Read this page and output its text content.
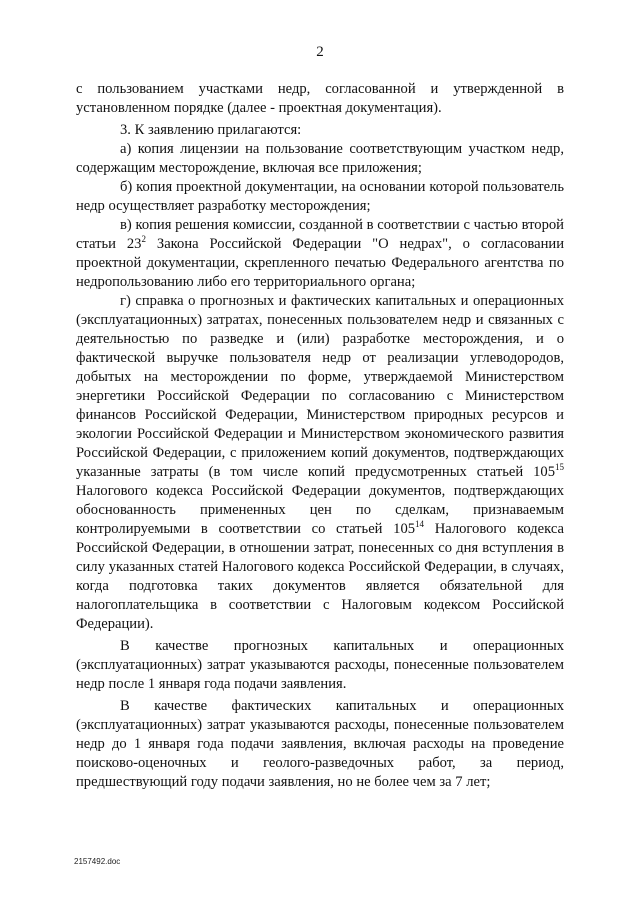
2

с пользованием участками недр, согласованной и утвержденной в установленном порядке (далее - проектная документация).

3. К заявлению прилагаются:

а) копия лицензии на пользование соответствующим участком недр, содержащим месторождение, включая все приложения;

б) копия проектной документации, на основании которой пользователь недр осуществляет разработку месторождения;

в) копия решения комиссии, созданной в соответствии с частью второй статьи $23^2$ Закона Российской Федерации "О недрах", о согласовании проектной документации, скрепленного печатью Федерального агентства по недропользованию либо его территориального органа;

г) справка о прогнозных и фактических капитальных и операционных (эксплуатационных) затратах, понесенных пользователем недр и связанных с деятельностью по разведке и (или) разработке месторождения, и о фактической выручке пользователя недр от реализации углеводородов, добытых на месторождении по форме, утверждаемой Министерством энергетики Российской Федерации по согласованию с Министерством финансов Российской Федерации, Министерством природных ресурсов и экологии Российской Федерации и Министерством экономического развития Российской Федерации, с приложением копий документов, подтверждающих указанные затраты (в том числе копий предусмотренных статьей $105^{15}$ Налогового кодекса Российской Федерации документов, подтверждающих обоснованность примененных цен по сделкам, признаваемым контролируемыми в соответствии со статьей $105^{14}$ Налогового кодекса Российской Федерации, в отношении затрат, понесенных со дня вступления в силу указанных статей Налогового кодекса Российской Федерации, в случаях, когда подготовка таких документов является обязательной для налогоплательщика в соответствии с Налоговым кодексом Российской Федерации).

В качестве прогнозных капитальных и операционных (эксплуатационных) затрат указываются расходы, понесенные пользователем недр после 1 января года подачи заявления.

В качестве фактических капитальных и операционных (эксплуатационных) затрат указываются расходы, понесенные пользователем недр до 1 января года подачи заявления, включая расходы на проведение поисково-оценочных и геолого-разведочных работ, за период, предшествующий году подачи заявления, но не более чем за 7 лет;

2157492.doc
